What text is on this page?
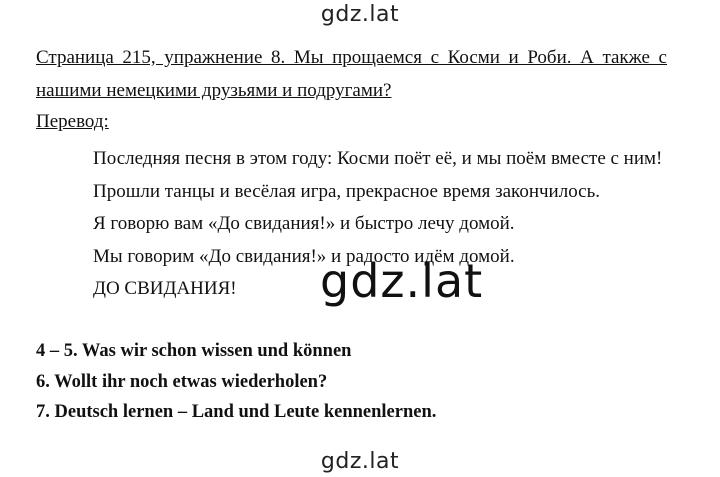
gdz.lat
Страница 215, упражнение 8. Мы прощаемся с Косми и Роби. А также с нашими немецкими друзьями и подругами?
Перевод:
Последняя песня в этом году: Косми поёт её, и мы поём вместе с ним!
Прошли танцы и весёлая игра, прекрасное время закончилось.
Я говорю вам «До свидания!» и быстро лечу домой.
Мы говорим «До свидания!» и радосто идём домой.
ДО СВИДАНИЯ!	gdz.lat
4 – 5. Was wir schon wissen und können
6. Wollt ihr noch etwas wiederholen?
7. Deutsch lernen – Land und Leute kennenlernen.
gdz.lat
